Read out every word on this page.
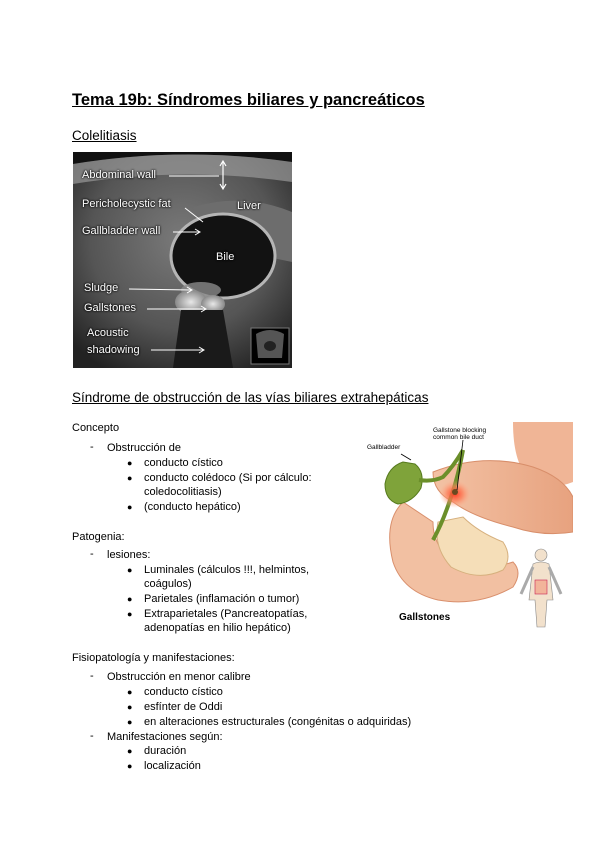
Tema 19b: Síndromes biliares y pancreáticos
Colelitiasis
Abdominal wall
Pericholecystic fat	Liver
Gallbladder wall
Bile
Sludge
Gallstones
Acoustic
shadowing
Síndrome de obstrucción de las vías biliares extrahepáticas
Gallbladder
Gallstone blocking
common bile duct
Gallstones
Concepto
- Obstrucción de
● conducto cístico
● conducto colédoco (Si por cálculo:
coledocolitiasis)
● (conducto hepático)
Patogenia:
- lesiones:
● Luminales (cálculos !!!, helmintos,
coágulos)
● Parietales (inflamación o tumor)
● Extraparietales (Pancreatopatías,
adenopatías en hilio hepático)
Fisiopatología y manifestaciones:
- Obstrucción en menor calibre
● conducto cístico
● esfínter de Oddi
● en alteraciones estructurales (congénitas o adquiridas)
- Manifestaciones según:
● duración
● localización
